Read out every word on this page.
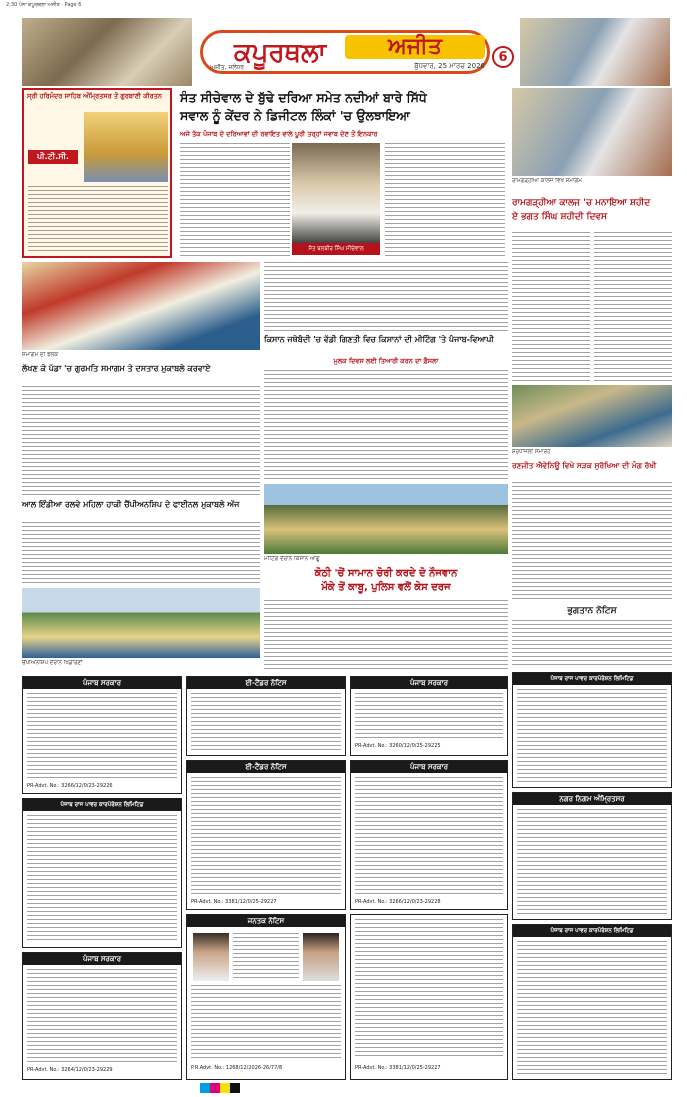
2:30 ਪੰਨਾ ਕਪੂਰਥਲਾ ਅਜੀਤ · Page 6
ਕਪੂਰਥਲਾ	ਅਜੀਤ
ਅਜੀਤ, ਜਲੰਧਰ	ਬੁੱਧਵਾਰ, 25 ਮਾਰਚ 2026
6
ਸ੍ਰੀ ਹਰਿਮੰਦਰ ਸਾਹਿਬ ਅੰਮ੍ਰਿਤਸਰ ਤੋਂ ਗੁਰਬਾਣੀ ਕੀਰਤਨ
ਪੀ.ਟੀ.ਸੀ.
ਸੰਤ ਸੀਚੇਵਾਲ ਦੇ ਬੁੱਢੇ ਦਰਿਆ ਸਮੇਤ ਨਦੀਆਂ ਬਾਰੇ ਸਿੱਧੇ
ਸਵਾਲ ਨੂੰ ਕੇਂਦਰ ਨੇ ਡਿਜੀਟਲ ਲਿੰਕਾਂ 'ਚ ਉਲਝਾਇਆ
ਅਜੇ ਤੱਕ ਪੰਜਾਬ ਦੇ ਦਰਿਆਵਾਂ ਦੀ ਰਵਾਇਤ ਵਾਲੇ ਪੂਰੀ ਤਰ੍ਹਾਂ ਜਵਾਬ ਦੇਣ ਤੋਂ ਇਨਕਾਰ
ਸੰਤ ਬਲਬੀਰ ਸਿੰਘ ਸੀਚੇਵਾਲ
ਰਾਮਗੜ੍ਹੀਆ ਕਾਲਜ ਵਿਖੇ ਸਮਾਗਮ
ਰਾਮਗੜ੍ਹੀਆ ਕਾਲਜ 'ਚ ਮਨਾਇਆ ਸ਼ਹੀਦ
ਏ ਭਗਤ ਸਿੰਘ ਸ਼ਹੀਦੀ ਦਿਵਸ
ਸ਼ਰਧਾਂਜਲੀ ਸਮਾਰੋਹ
ਰਣਜੀਤ ਐਵੇਨਿਊ ਵਿਖੇ ਸੜਕ ਸੁਰੱਖਿਆ ਦੀ ਮੰਗ ਰੱਖੀ
ਭੁਗਤਾਨ ਨੋਟਿਸ
ਸਮਾਗਮ ਦੀ ਝਲਕ
ਲੱਖਣ ਕੇ ਪੱਡਾ 'ਚ ਗੁਰਮਤਿ ਸਮਾਗਮ ਤੇ ਦਸਤਾਰ ਮੁਕਾਬਲੇ ਕਰਵਾਏ
ਆਲ ਇੰਡੀਆ ਰਲਵੇ ਮਹਿਲਾ ਹਾਕੀ ਚੈਂਪੀਅਨਸ਼ਿਪ ਦੇ ਫਾਈਨਲ ਮੁਕਾਬਲੇ ਅੱਜ
ਚੈਂਪੀਅਨਸ਼ਿਪ ਦੌਰਾਨ ਖਿਡਾਰਣਾਂ
ਕਿਸਾਨ ਜਥੇਬੰਦੀ 'ਚ ਵੱਡੀ ਗਿਣਤੀ ਵਿਚ ਕਿਸਾਨਾਂ ਦੀ ਮੀਟਿੰਗ 'ਤੇ ਪੰਜਾਬ-ਵਿਆਪੀ
ਮੁਲਕ ਦਿਵਸ ਲਈ ਤਿਆਰੀ ਕਰਨ ਦਾ ਫ਼ੈਸਲਾ
ਮੀਟਿੰਗ ਦੌਰਾਨ ਕਿਸਾਨ ਆਗੂ
ਕੋਠੀ 'ਚੋਂ ਸਾਮਾਨ ਚੋਰੀ ਕਰਦੇ ਦੋ ਨੌਜਵਾਨ
ਮੌਕੇ ਤੋਂ ਕਾਬੂ, ਪੁਲਿਸ ਵਲੋਂ ਕੇਸ ਦਰਜ
ਪੰਜਾਬ ਸਰਕਾਰ
PR-Advt. No.: 3266/12/0/23-29226
ਈ-ਟੈਂਡਰ ਨੋਟਿਸ	ਪੰਜਾਬ ਸਰਕਾਰ
PR-Advt. No.: 3260/12/0/25-29225
ਪੰਜਾਬ ਰਾਜ ਪਾਵਰ ਕਾਰਪੋਰੇਸ਼ਨ ਲਿਮਿਟਿਡ
ਪੰਜਾਬ ਰਾਜ ਪਾਵਰ ਕਾਰਪੋਰੇਸ਼ਨ ਲਿਮਿਟਿਡ
ਈ-ਟੈਂਡਰ ਨੋਟਿਸ
PR-Advt. No.: 3381/12/0/25-29227
ਪੰਜਾਬ ਸਰਕਾਰ
PR-Advt. No.: 3266/12/0/23-29228
ਨਗਰ ਨਿਗਮ ਅੰਮ੍ਰਿਤਸਰ
ਪੰਜਾਬ ਸਰਕਾਰ
PR-Advt. No.: 3264/12/0/23-29229
ਜਨਤਕ ਨੋਟਿਸ
P.R.Advt. No.: 1268/12/2026-26/77/8	PR-Advt. No.: 3381/12/0/25-29227
ਪੰਜਾਬ ਰਾਜ ਪਾਵਰ ਕਾਰਪੋਰੇਸ਼ਨ ਲਿਮਿਟਿਡ
